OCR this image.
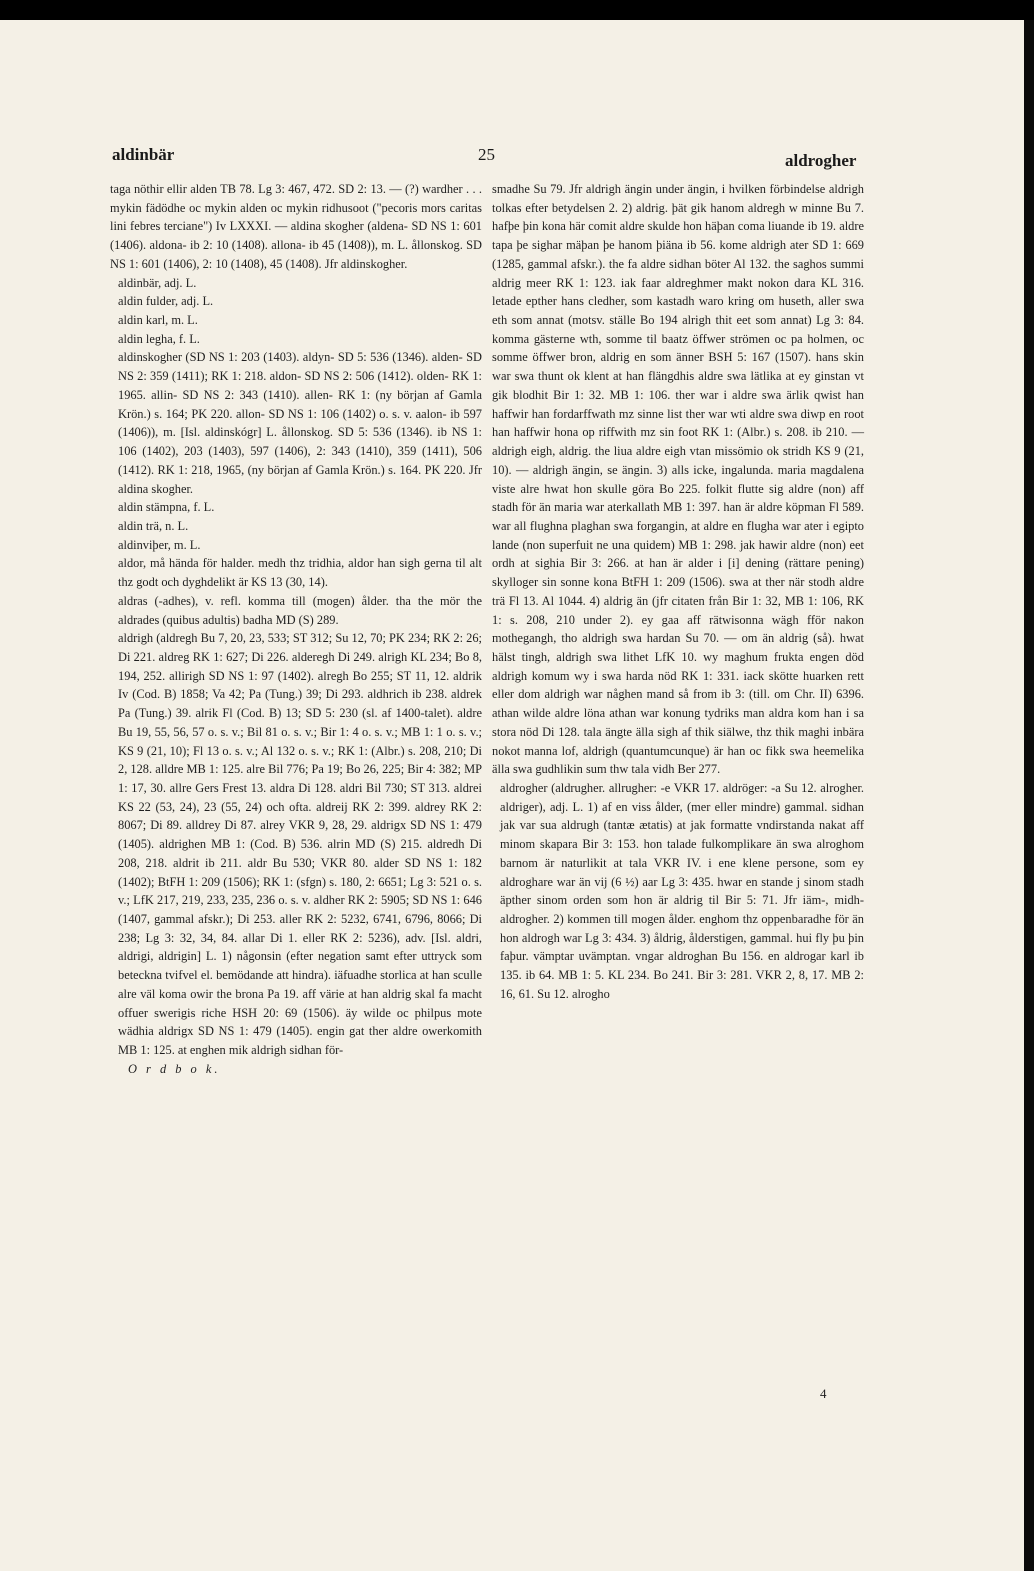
aldinbär	25	aldrogher

taga nöthir ellir alden TB 78. Lg 3: 467, 472. SD 2: 13. — (?) wardher . . . mykin fädödhe oc mykin alden oc mykin ridhusoot ("pecoris mors caritas lini febres terciane") Iv LXXXI. — aldina skogher (aldena- SD NS 1: 601 (1406). aldona- ib 2: 10 (1408). allona- ib 45 (1408)), m. L. ållonskog. SD NS 1: 601 (1406), 2: 10 (1408), 45 (1408). Jfr aldinskogher.

aldinbär, adj. L.

aldin fulder, adj. L.

aldin karl, m. L.

aldin legha, f. L.

aldinskogher (SD NS 1: 203 (1403). aldyn- SD 5: 536 (1346). alden- SD NS 2: 359 (1411); RK 1: 218. aldon- SD NS 2: 506 (1412). olden- RK 1: 1965. allin- SD NS 2: 343 (1410). allen- RK 1: (ny början af Gamla Krön.) s. 164; PK 220. allon- SD NS 1: 106 (1402) o. s. v. aalon- ib 597 (1406)), m. [Isl. aldinskógr] L. ållonskog. SD 5: 536 (1346). ib NS 1: 106 (1402), 203 (1403), 597 (1406), 2: 343 (1410), 359 (1411), 506 (1412). RK 1: 218, 1965, (ny början af Gamla Krön.) s. 164. PK 220. Jfr aldina skogher.

aldin stämpna, f. L.

aldin trä, n. L.

aldinviþer, m. L.

aldor, må hända för halder. medh thz tridhia, aldor han sigh gerna til alt thz godt och dyghdelikt är KS 13 (30, 14).

aldras (-adhes), v. refl. komma till (mogen) ålder. tha the mör the aldrades (quibus adultis) badha MD (S) 289.

aldrigh (aldregh Bu 7, 20, 23, 533; ST 312; Su 12, 70; PK 234; RK 2: 26; Di 221. aldreg RK 1: 627; Di 226. alderegh Di 249. alrigh KL 234; Bo 8, 194, 252. allirigh SD NS 1: 97 (1402). alregh Bo 255; ST 11, 12. aldrik Iv (Cod. B) 1858; Va 42; Pa (Tung.) 39; Di 293. aldhrich ib 238. aldrek Pa (Tung.) 39. alrik Fl (Cod. B) 13; SD 5: 230 (sl. af 1400-talet). aldre Bu 19, 55, 56, 57 o. s. v.; Bil 81 o. s. v.; Bir 1: 4 o. s. v.; MB 1: 1 o. s. v.; KS 9 (21, 10); Fl 13 o. s. v.; Al 132 o. s. v.; RK 1: (Albr.) s. 208, 210; Di 2, 128. alldre MB 1: 125. alre Bil 776; Pa 19; Bo 26, 225; Bir 4: 382; MP 1: 17, 30. allre Gers Frest 13. aldra Di 128. aldri Bil 730; ST 313. aldrei KS 22 (53, 24), 23 (55, 24) och ofta. aldreij RK 2: 399. aldrey RK 2: 8067; Di 89. alldrey Di 87. alrey VKR 9, 28, 29. aldrigx SD NS 1: 479 (1405). aldrighen MB 1: (Cod. B) 536. alrin MD (S) 215. aldredh Di 208, 218. aldrit ib 211. aldr Bu 530; VKR 80. alder SD NS 1: 182 (1402); BtFH 1: 209 (1506); RK 1: (sfgn) s. 180, 2: 6651; Lg 3: 521 o. s. v.; LfK 217, 219, 233, 235, 236 o. s. v. aldher RK 2: 5905; SD NS 1: 646 (1407, gammal afskr.); Di 253. aller RK 2: 5232, 6741, 6796, 8066; Di 238; Lg 3: 32, 34, 84. allar Di 1. eller RK 2: 5236), adv. [Isl. aldri, aldrigi, aldrigin] L. 1) någonsin (efter negation samt efter uttryck som beteckna tvifvel el. bemödande att hindra). iäfuadhe storlica at han sculle alre väl koma owir the brona Pa 19. aff värie at han aldrig skal fa macht offuer swerigis riche HSH 20: 69 (1506). äy wilde oc philpus mote wädhia aldrigx SD NS 1: 479 (1405). engin gat ther aldre owerkomith MB 1: 125. at enghen mik aldrigh sidhan för-

O r d b o k.

smadhe Su 79. Jfr aldrigh ängin under ängin, i hvilken förbindelse aldrigh tolkas efter betydelsen 2. 2) aldrig. þät gik hanom aldregh w minne Bu 7. hafþe þin kona här comit aldre skulde hon häþan coma liuande ib 19. aldre tapa þe sighar mäþan þe hanom þiäna ib 56. kome aldrigh ater SD 1: 669 (1285, gammal afskr.). the fa aldre sidhan böter Al 132. the saghos summi aldrig meer RK 1: 123. iak faar aldreghmer makt nokon dara KL 316. letade epther hans cledher, som kastadh waro kring om huseth, aller swa eth som annat (motsv. ställe Bo 194 alrigh thit eet som annat) Lg 3: 84. komma gästerne wth, somme til baatz öffwer strömen oc pa holmen, oc somme öffwer bron, aldrig en som änner BSH 5: 167 (1507). hans skin war swa thunt ok klent at han flängdhis aldre swa lätlika at ey ginstan vt gik blodhit Bir 1: 32. MB 1: 106. ther war i aldre swa ärlik qwist han haffwir han fordarffwath mz sinne list ther war wti aldre swa diwp en root han haffwir hona op riffwith mz sin foot RK 1: (Albr.) s. 208. ib 210. — aldrigh eigh, aldrig. the liua aldre eigh vtan missömio ok stridh KS 9 (21, 10). — aldrigh ängin, se ängin. 3) alls icke, ingalunda. maria magdalena viste alre hwat hon skulle göra Bo 225. folkit flutte sig aldre (non) aff stadh för än maria war aterkallath MB 1: 397. han är aldre köpman Fl 589. war all flughna plaghan swa forgangin, at aldre en flugha war ater i egipto lande (non superfuit ne una quidem) MB 1: 298. jak hawir aldre (non) eet ordh at sighia Bir 3: 266. at han är alder i [i] dening (rättare pening) skylloger sin sonne kona BtFH 1: 209 (1506). swa at ther när stodh aldre trä Fl 13. Al 1044. 4) aldrig än (jfr citaten från Bir 1: 32, MB 1: 106, RK 1: s. 208, 210 under 2). ey gaa aff rätwisonna wägh fför nakon mothegangh, tho aldrigh swa hardan Su 70. — om än aldrig (så). hwat hälst tingh, aldrigh swa lithet LfK 10. wy maghum frukta engen död aldrigh komum wy i swa harda nöd RK 1: 331. iack skötte huarken rett eller dom aldrigh war någhen mand så from ib 3: (till. om Chr. II) 6396. athan wilde aldre löna athan war konung tydriks man aldra kom han i sa stora nöd Di 128. tala ängte älla sigh af thik siälwe, thz thik maghi inbära nokot manna lof, aldrigh (quantumcunque) är han oc fikk swa heemelika älla swa gudhlikin sum thw tala vidh Ber 277.

aldrogher (aldrugher. allrugher: -e VKR 17. aldröger: -a Su 12. alrogher. aldriger), adj. L. 1) af en viss ålder, (mer eller mindre) gammal. sidhan jak var sua aldrugh (tantæ ætatis) at jak formatte vndirstanda nakat aff minom skapara Bir 3: 153. hon talade fulkomplikare än swa alroghom barnom är naturlikit at tala VKR IV. i ene klene persone, som ey aldroghare war än vij (6 ½) aar Lg 3: 435. hwar en stande j sinom stadh äpther sinom orden som hon är aldrig til Bir 5: 71. Jfr iäm-, midh-aldrogher. 2) kommen till mogen ålder. enghom thz oppenbaradhe för än hon aldrogh war Lg 3: 434. 3) åldrig, ålderstigen, gammal. hui fly þu þin faþur. vämptar uvämptan. vngar aldroghan Bu 156. en aldrogar karl ib 135. ib 64. MB 1: 5. KL 234. Bo 241. Bir 3: 281. VKR 2, 8, 17. MB 2: 16, 61. Su 12. alrogho

4
